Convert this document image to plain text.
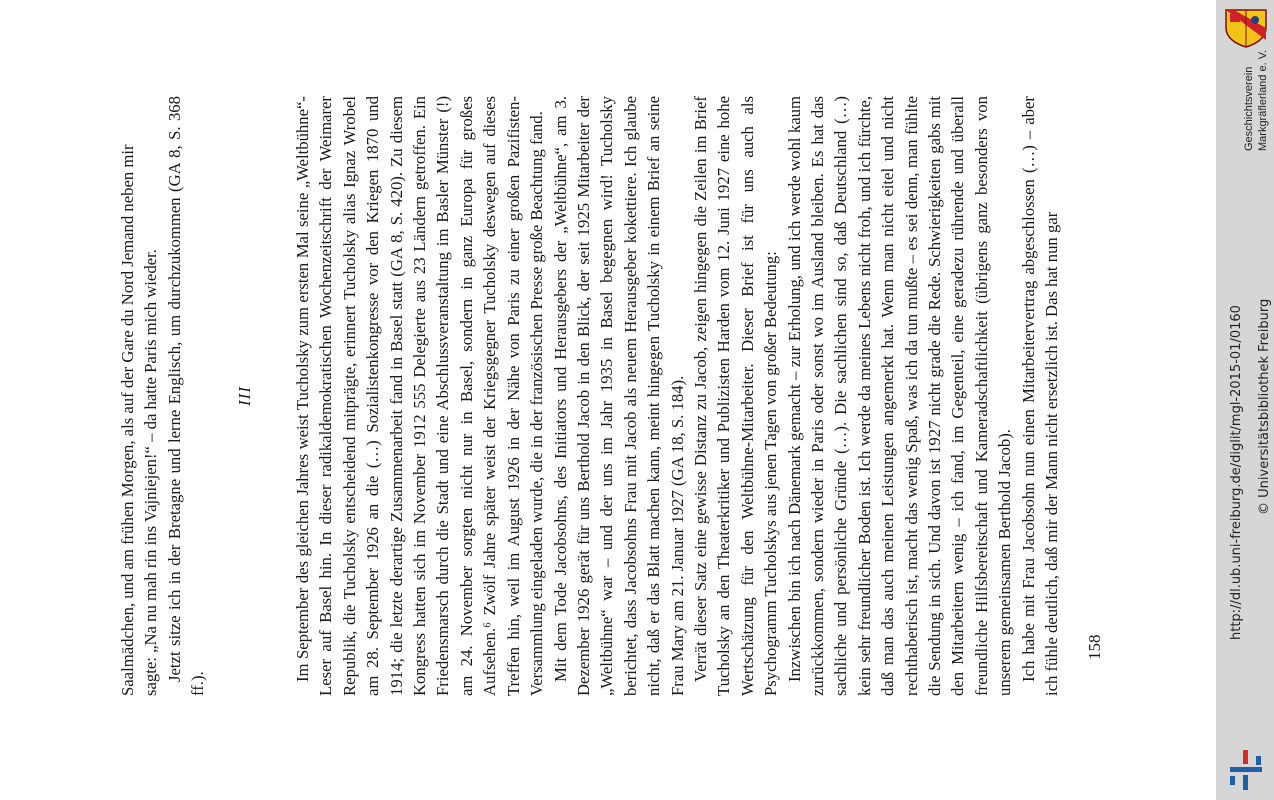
Saalmädchen, und am frühen Morgen, als auf der Gare du Nord Jemand neben mir sagte: „Na nu mah rin ins Vajniejen!“ – da hatte Paris mich wieder. Jetzt sitze ich in der Bretagne und lerne Englisch, um durchzukommen (GA 8, S. 368 ff.).

III Im September des gleichen Jahres weist Tucholsky zum ersten Mal seine „Weltbühne“-Leser auf Basel hin. In dieser radikaldemokratischen Wochenzeitschrift der Weimarer Republik, die Tucholsky entscheidend mitprägte, erinnert Tucholsky alias Ignaz Wrobel am 28. September 1926 an die (…) Sozialistenkongresse vor den Kriegen 1870 und 1914; die letzte derartige Zusammenarbeit fand in Basel statt (GA 8, S. 420). Zu diesem Kongress hatten sich im November 1912 555 Delegierte aus 23 Ländern getroffen. Ein Friedensmarsch durch die Stadt und eine Abschlussveranstaltung im Basler Münster (!) am 24. November sorgten nicht nur in Basel, sondern in ganz Europa für großes Aufsehen.⁶ Zwölf Jahre später weist der Kriegsgegner Tucholsky deswegen auf dieses Treffen hin, weil im August 1926 in der Nähe von Paris zu einer großen Pazifisten-Versammlung eingeladen wurde, die in der französischen Presse große Beachtung fand. Mit dem Tode Jacobsohns, des Initiators und Herausgebers der „Weltbühne“, am 3. Dezember 1926 gerät für uns Berthold Jacob in den Blick, der seit 1925 Mitarbeiter der „Weltbühne“ war – und der uns im Jahr 1935 in Basel begegnen wird! Tucholsky berichtet, dass Jacobsohns Frau mit Jacob als neuem Herausgeber kokettiere. Ich glaube nicht, daß er das Blatt machen kann, meint hingegen Tucholsky in einem Brief an seine Frau Mary am 21. Januar 1927 (GA 18, S. 184). Verrät dieser Satz eine gewisse Distanz zu Jacob, zeigen hingegen die Zeilen im Brief Tucholsky an den Theaterkritiker und Publizisten Harden vom 12. Juni 1927 eine hohe Wertschätzung für den Weltbühne-Mitarbeiter. Dieser Brief ist für uns auch als Psychogramm Tucholskys aus jenen Tagen von großer Bedeutung: Inzwischen bin ich nach Dänemark gemacht – zur Erholung, und ich werde wohl kaum zurückkommen, sondern wieder in Paris oder sonst wo im Ausland bleiben. Es hat das sachliche und persönliche Gründe (…). Die sachlichen sind so, daß Deutschland (…) kein sehr freundlicher Boden ist. Ich werde da meines Lebens nicht froh, und ich fürchte, daß man das auch meinen Leistungen angemerkt hat. Wenn man nicht eitel und nicht rechthaberisch ist, macht das wenig Spaß, was ich da tun mußte – es sei denn, man fühlte die Sendung in sich. Und davon ist 1927 nicht grade die Rede. Schwierigkeiten gabs mit den Mitarbeitern wenig – ich fand, im Gegenteil, eine geradezu rührende und überall freundliche Hilfsbereitschaft und Kameradschaftlichkeit (übrigens ganz besonders von unserem gemeinsamen Berthold Jacob). Ich habe mit Frau Jacobsohn nun einen Mitarbeitervertrag abgeschlossen (…) – aber ich fühle deutlich, daß mir der Mann nicht ersetzlich ist. Das hat nun gar 158
Geschichtsverein Markgräflerland e. V.
http://dl.ub.uni-freiburg.de/diglit/mgl-2015-01/0160 © Universitätsbibliothek Freiburg
